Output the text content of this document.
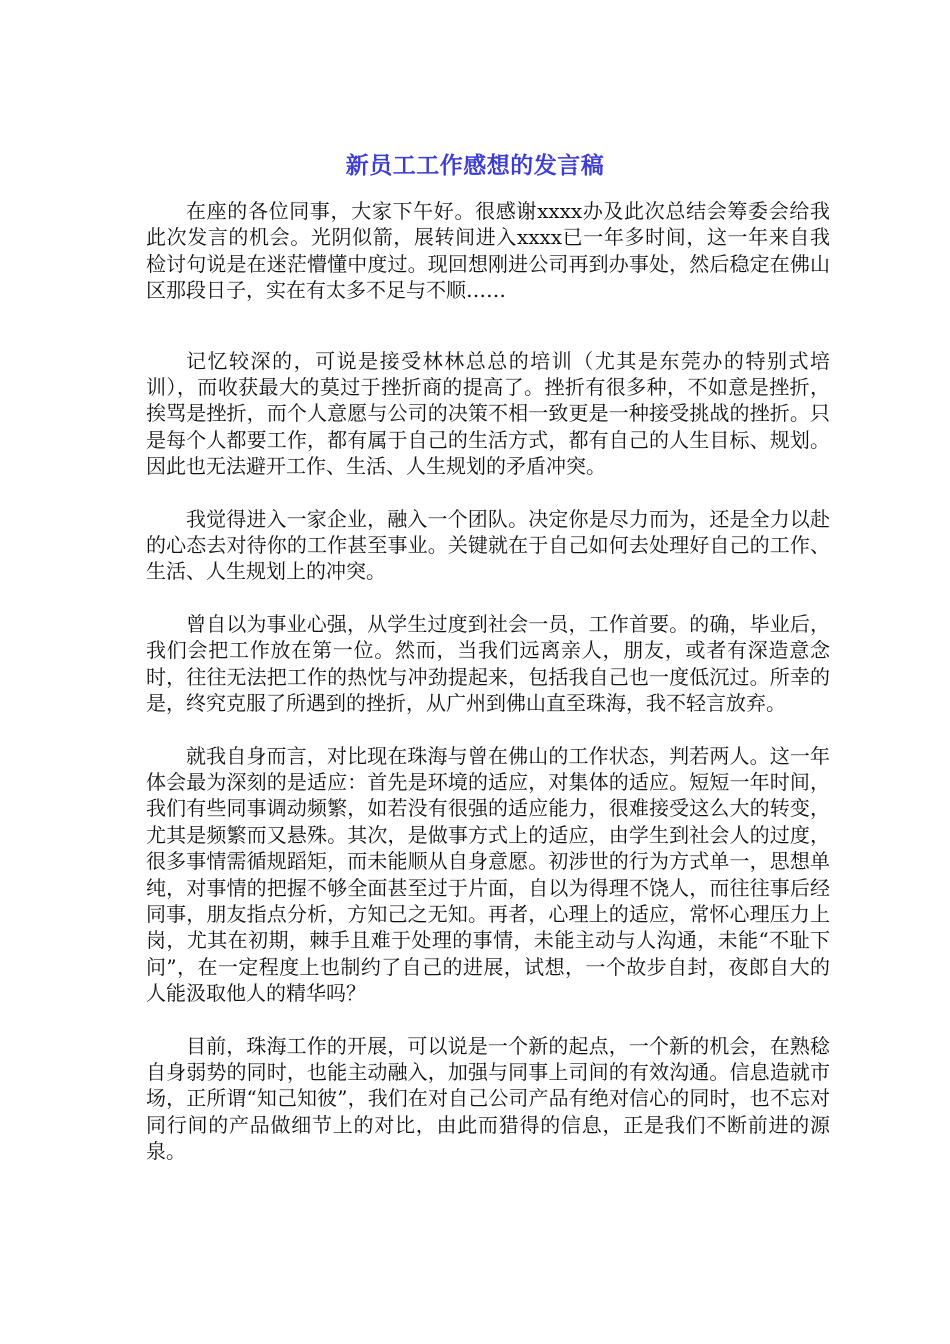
新员工工作感想的发言稿

在座的各位同事，大家下午好。很感谢xxxx办及此次总结会筹委会给我此次发言的机会。光阴似箭，展转间进入xxxx已一年多时间，这一年来自我检讨句说是在迷茫懵懂中度过。现回想刚进公司再到办事处，然后稳定在佛山区那段日子，实在有太多不足与不顺……

记忆较深的，可说是接受林林总总的培训（尤其是东莞办的特别式培训），而收获最大的莫过于挫折商的提高了。挫折有很多种，不如意是挫折，挨骂是挫折，而个人意愿与公司的决策不相一致更是一种接受挑战的挫折。只是每个人都要工作，都有属于自己的生活方式，都有自己的人生目标、规划。因此也无法避开工作、生活、人生规划的矛盾冲突。

我觉得进入一家企业，融入一个团队。决定你是尽力而为，还是全力以赴的心态去对待你的工作甚至事业。关键就在于自己如何去处理好自己的工作、生活、人生规划上的冲突。

曾自以为事业心强，从学生过度到社会一员，工作首要。的确，毕业后，我们会把工作放在第一位。然而，当我们远离亲人，朋友，或者有深造意念时，往往无法把工作的热忱与冲劲提起来，包括我自己也一度低沉过。所幸的是，终究克服了所遇到的挫折，从广州到佛山直至珠海，我不轻言放弃。

就我自身而言，对比现在珠海与曾在佛山的工作状态，判若两人。这一年体会最为深刻的是适应：首先是环境的适应，对集体的适应。短短一年时间，我们有些同事调动频繁，如若没有很强的适应能力，很难接受这么大的转变，尤其是频繁而又悬殊。其次，是做事方式上的适应，由学生到社会人的过度，很多事情需循规蹈矩，而未能顺从自身意愿。初涉世的行为方式单一，思想单纯，对事情的把握不够全面甚至过于片面，自以为得理不饶人，而往往事后经同事，朋友指点分析，方知己之无知。再者，心理上的适应，常怀心理压力上岗，尤其在初期，棘手且难于处理的事情，未能主动与人沟通，未能“不耻下问”，在一定程度上也制约了自己的进展，试想，一个故步自封，夜郎自大的人能汲取他人的精华吗？

目前，珠海工作的开展，可以说是一个新的起点，一个新的机会，在熟稔自身弱势的同时，也能主动融入，加强与同事上司间的有效沟通。信息造就市场，正所谓“知己知彼”，我们在对自己公司产品有绝对信心的同时，也不忘对同行间的产品做细节上的对比，由此而猎得的信息，正是我们不断前进的源泉。
